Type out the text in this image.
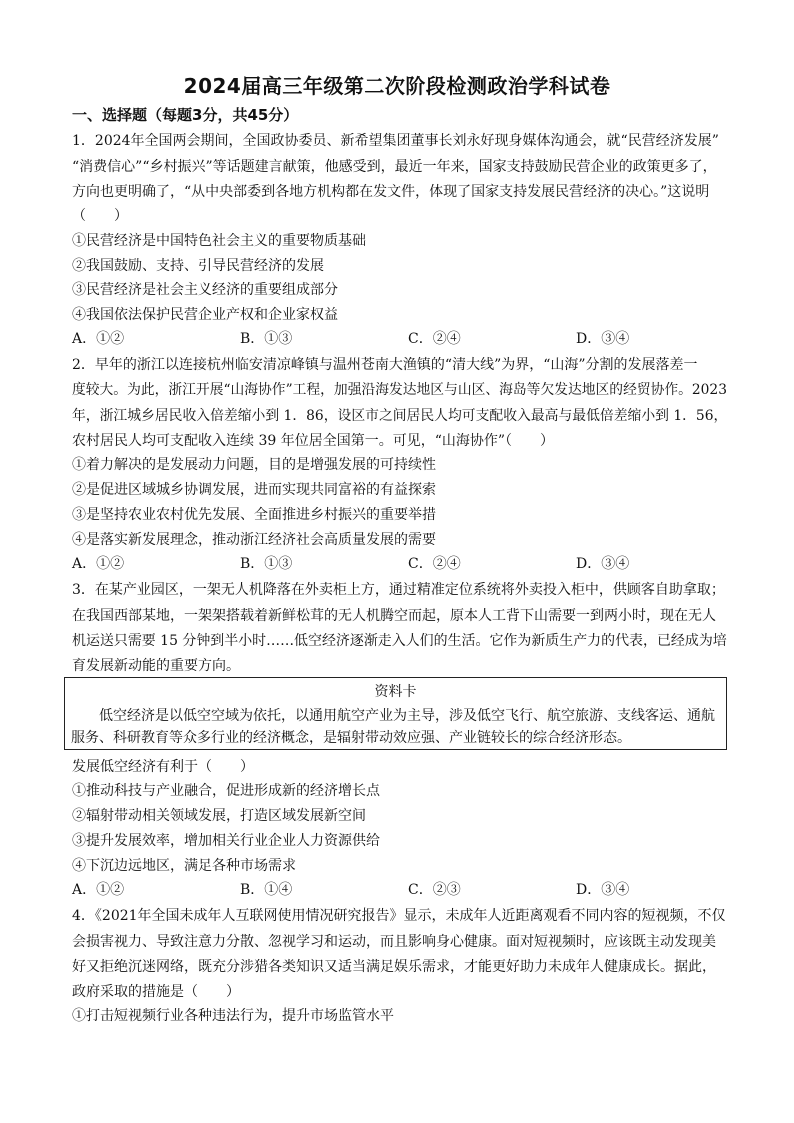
2024届高三年级第二次阶段检测政治学科试卷
一、选择题（每题3分，共45分）
1．2024年全国两会期间，全国政协委员、新希望集团董事长刘永好现身媒体沟通会，就“民营经济发展”
“消费信心”“乡村振兴”等话题建言献策，他感受到，最近一年来，国家支持鼓励民营企业的政策更多了，
方向也更明确了，“从中央部委到各地方机构都在发文件，体现了国家支持发展民营经济的决心。”这说明
（　　）
①民营经济是中国特色社会主义的重要物质基础
②我国鼓励、支持、引导民营经济的发展
③民营经济是社会主义经济的重要组成部分
④我国依法保护民营企业产权和企业家权益
A．①②	B．①③	C．②④	D．③④
2．早年的浙江以连接杭州临安清凉峰镇与温州苍南大渔镇的“清大线”为界，“山海”分割的发展落差一
度较大。为此，浙江开展“山海协作”工程，加强沿海发达地区与山区、海岛等欠发达地区的经贸协作。2023
年，浙江城乡居民收入倍差缩小到 1．86，设区市之间居民人均可支配收入最高与最低倍差缩小到 1．56，
农村居民人均可支配收入连续 39 年位居全国第一。可见，“山海协作”（　　）
①着力解决的是发展动力问题，目的是增强发展的可持续性
②是促进区域城乡协调发展，进而实现共同富裕的有益探索
③是坚持农业农村优先发展、全面推进乡村振兴的重要举措
④是落实新发展理念，推动浙江经济社会高质量发展的需要
A．①②	B．①③	C．②④	D．③④
3．在某产业园区，一架无人机降落在外卖柜上方，通过精准定位系统将外卖投入柜中，供顾客自助拿取；
在我国西部某地，一架架搭载着新鲜松茸的无人机腾空而起，原本人工背下山需要一到两小时，现在无人
机运送只需要 15 分钟到半小时……低空经济逐渐走入人们的生活。它作为新质生产力的代表，已经成为培
育发展新动能的重要方向。
资料卡
低空经济是以低空空域为依托，以通用航空产业为主导，涉及低空飞行、航空旅游、支线客运、通航
服务、科研教育等众多行业的经济概念，是辐射带动效应强、产业链较长的综合经济形态。
发展低空经济有利于（　　）
①推动科技与产业融合，促进形成新的经济增长点
②辐射带动相关领域发展，打造区域发展新空间
③提升发展效率，增加相关行业企业人力资源供给
④下沉边远地区，满足各种市场需求
A．①②	B．①④	C．②③	D．③④
4．《2021年全国未成年人互联网使用情况研究报告》显示，未成年人近距离观看不同内容的短视频，不仅
会损害视力、导致注意力分散、忽视学习和运动，而且影响身心健康。面对短视频时，应该既主动发现美
好又拒绝沉迷网络，既充分涉猎各类知识又适当满足娱乐需求，才能更好助力未成年人健康成长。据此，
政府采取的措施是（　　）
①打击短视频行业各种违法行为，提升市场监管水平
